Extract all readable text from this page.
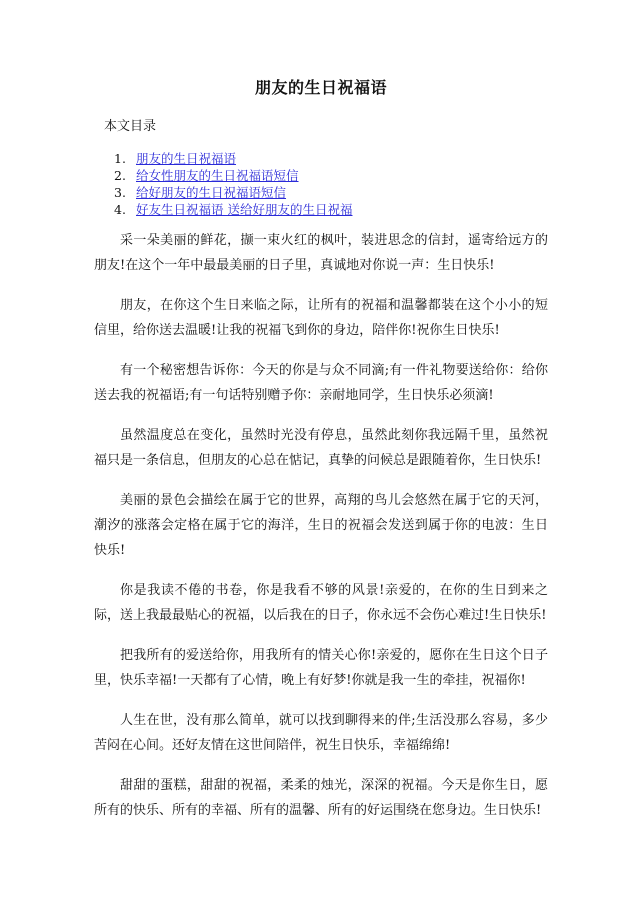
朋友的生日祝福语
本文目录
1. 朋友的生日祝福语
2. 给女性朋友的生日祝福语短信
3. 给好朋友的生日祝福语短信
4. 好友生日祝福语 送给好朋友的生日祝福

采一朵美丽的鲜花，撷一束火红的枫叶，装进思念的信封，遥寄给远方的朋友!在这个一年中最最美丽的日子里，真诚地对你说一声：生日快乐!

朋友，在你这个生日来临之际，让所有的祝福和温馨都装在这个小小的短信里，给你送去温暖!让我的祝福飞到你的身边，陪伴你!祝你生日快乐!

有一个秘密想告诉你：今天的你是与众不同滴;有一件礼物要送给你：给你送去我的祝福语;有一句话特别赠予你：亲耐地同学，生日快乐必须滴!

虽然温度总在变化，虽然时光没有停息，虽然此刻你我远隔千里，虽然祝福只是一条信息，但朋友的心总在惦记，真挚的问候总是跟随着你，生日快乐!

美丽的景色会描绘在属于它的世界，高翔的鸟儿会悠然在属于它的天河，潮汐的涨落会定格在属于它的海洋，生日的祝福会发送到属于你的电波：生日快乐!

你是我读不倦的书卷，你是我看不够的风景!亲爱的，在你的生日到来之际，送上我最最贴心的祝福，以后我在的日子，你永远不会伤心难过!生日快乐!

把我所有的爱送给你，用我所有的情关心你!亲爱的，愿你在生日这个日子里，快乐幸福!一天都有了心情，晚上有好梦!你就是我一生的牵挂，祝福你!

人生在世，没有那么简单，就可以找到聊得来的伴;生活没那么容易，多少苦闷在心间。还好友情在这世间陪伴，祝生日快乐，幸福绵绵!

甜甜的蛋糕，甜甜的祝福，柔柔的烛光，深深的祝福。今天是你生日，愿所有的快乐、所有的幸福、所有的温馨、所有的好运围绕在您身边。生日快乐!
